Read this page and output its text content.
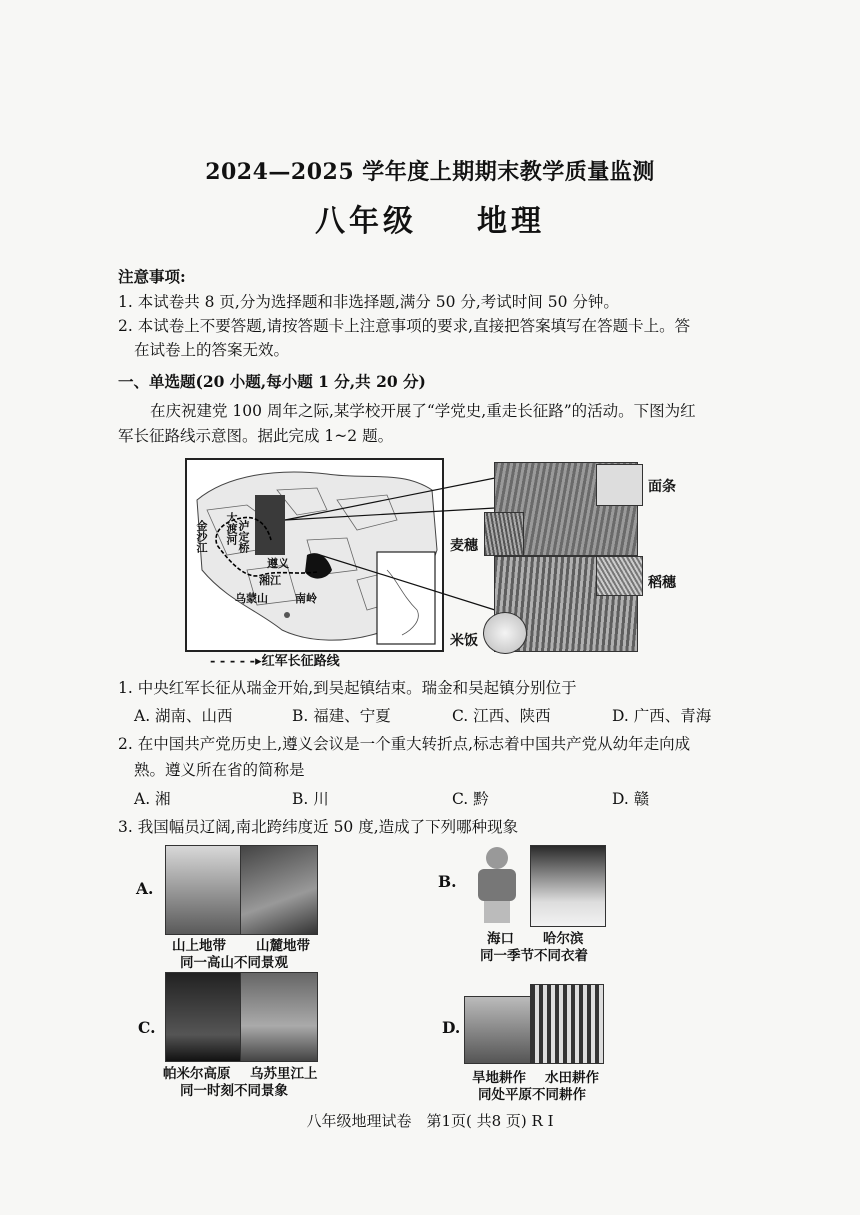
2024—2025 学年度上期期末教学质量监测
八年级 地理
注意事项:
1. 本试卷共 8 页,分为选择题和非选择题,满分 50 分,考试时间 50 分钟。
2. 本试卷上不要答题,请按答题卡上注意事项的要求,直接把答案填写在答题卡上。答
在试卷上的答案无效。
一、单选题(20 小题,每小题 1 分,共 20 分)
在庆祝建党 100 周年之际,某学校开展了“学党史,重走长征路”的活动。下图为红
军长征路线示意图。据此完成 1~2 题。
金沙江 大渡河 泸定桥
遵义
乌蒙山 南岭
湘江
- - - - -▸红军长征路线
面条
麦穗
稻穗
米饭
1. 中央红军长征从瑞金开始,到吴起镇结束。瑞金和吴起镇分别位于
A. 湖南、山西	B. 福建、宁夏	C. 江西、陕西	D. 广西、青海
2. 在中国共产党历史上,遵义会议是一个重大转折点,标志着中国共产党从幼年走向成
熟。遵义所在省的简称是
A. 湘	B. 川	C. 黔	D. 赣
3. 我国幅员辽阔,南北跨纬度近 50 度,造成了下列哪种现象
A.
山上地带 山麓地带
同一高山不同景观
B.
海口 哈尔滨
同一季节不同衣着
C.
帕米尔高原 乌苏里江上
同一时刻不同景象
D.
旱地耕作 水田耕作
同处平原不同耕作
八年级地理试卷　第1页( 共8 页) R I
